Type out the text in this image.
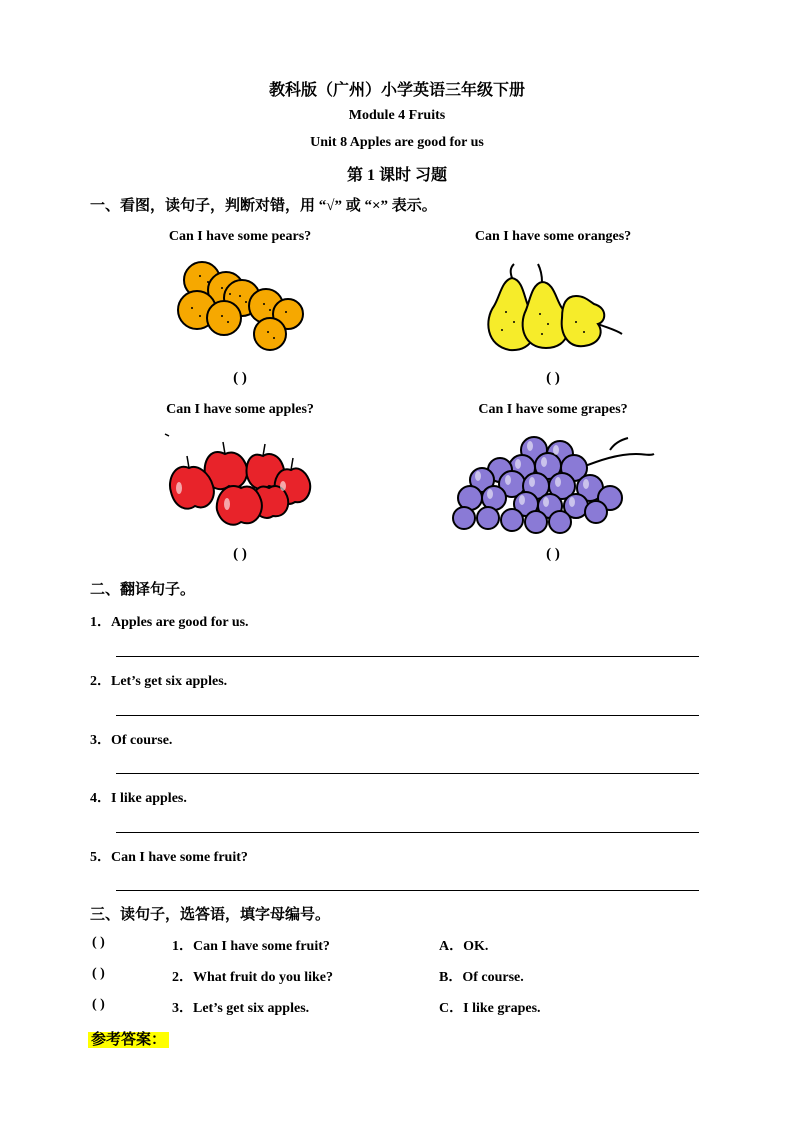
教科版（广州）小学英语三年级下册
Module 4 Fruits
Unit 8 Apples are good for us
第 1 课时 习题
一、看图，读句子，判断对错，用 “√” 或 “×” 表示。
Can I have some pears?	Can I have some oranges?
( )	( )
Can I have some apples?	Can I have some grapes?
( )	( )
二、翻译句子。
1．Apples are good for us.
2．Let’s get six apples.
3．Of course.
4．I like apples.
5．Can I have some fruit?
三、读句子，选答语，填字母编号。
( )	1．Can I have some fruit?	A．OK.
( )	2．What fruit do you like?	B．Of course.
( )	3．Let’s get six apples.	C．I like grapes.
参考答案：
